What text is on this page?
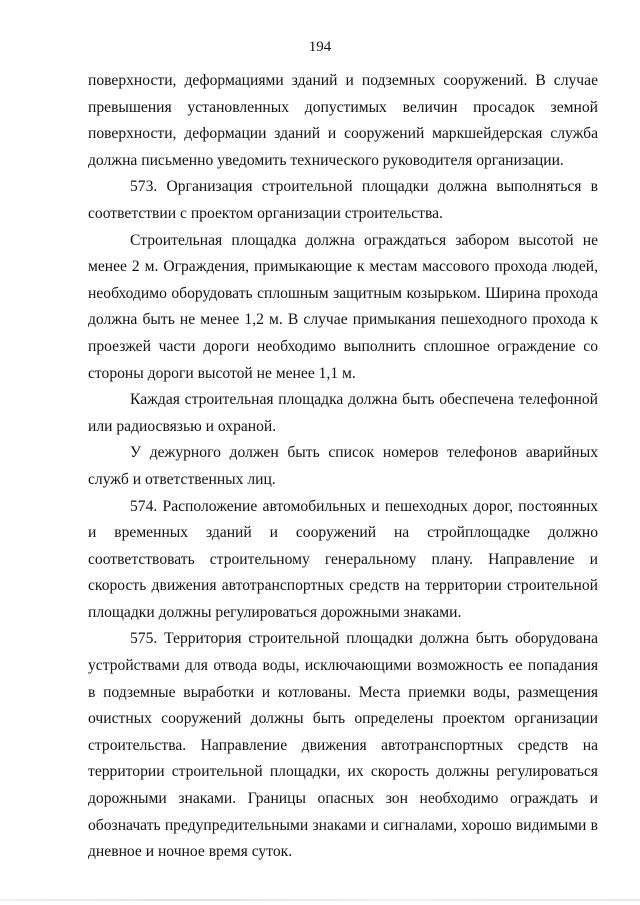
194

поверхности, деформациями зданий и подземных сооружений. В случае превышения установленных допустимых величин просадок земной поверхности, деформации зданий и сооружений маркшейдерская служба должна письменно уведомить технического руководителя организации.

573. Организация строительной площадки должна выполняться в соответствии с проектом организации строительства.

Строительная площадка должна ограждаться забором высотой не менее 2 м. Ограждения, примыкающие к местам массового прохода людей, необходимо оборудовать сплошным защитным козырьком. Ширина прохода должна быть не менее 1,2 м. В случае примыкания пешеходного прохода к проезжей части дороги необходимо выполнить сплошное ограждение со стороны дороги высотой не менее 1,1 м.

Каждая строительная площадка должна быть обеспечена телефонной или радиосвязью и охраной.

У дежурного должен быть список номеров телефонов аварийных служб и ответственных лиц.

574. Расположение автомобильных и пешеходных дорог, постоянных и временных зданий и сооружений на стройплощадке должно соответствовать строительному генеральному плану. Направление и скорость движения автотранспортных средств на территории строительной площадки должны регулироваться дорожными знаками.

575. Территория строительной площадки должна быть оборудована устройствами для отвода воды, исключающими возможность ее попадания в подземные выработки и котлованы. Места приемки воды, размещения очистных сооружений должны быть определены проектом организации строительства. Направление движения автотранспортных средств на территории строительной площадки, их скорость должны регулироваться дорожными знаками. Границы опасных зон необходимо ограждать и обозначать предупредительными знаками и сигналами, хорошо видимыми в дневное и ночное время суток.
